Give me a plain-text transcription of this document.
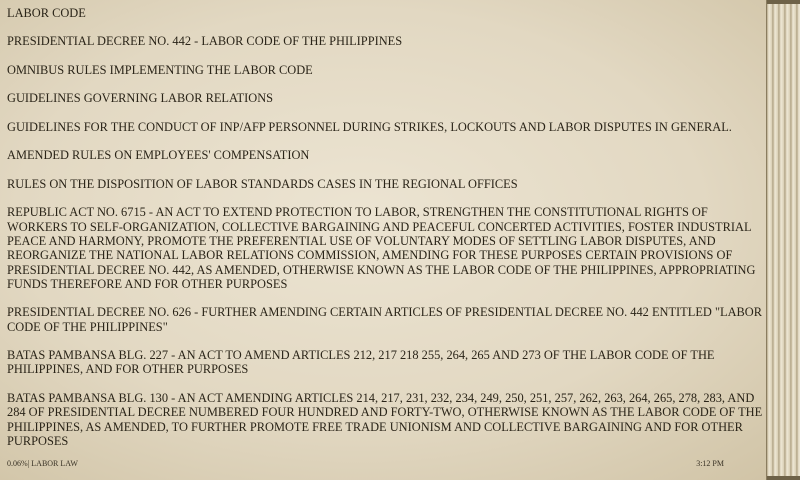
LABOR CODE
PRESIDENTIAL DECREE NO. 442 - LABOR CODE OF THE PHILIPPINES
OMNIBUS RULES IMPLEMENTING THE LABOR CODE
GUIDELINES GOVERNING LABOR RELATIONS
GUIDELINES FOR THE CONDUCT OF INP/AFP PERSONNEL DURING STRIKES, LOCKOUTS AND LABOR DISPUTES IN GENERAL.
AMENDED RULES ON EMPLOYEES' COMPENSATION
RULES ON THE DISPOSITION OF LABOR STANDARDS CASES IN THE REGIONAL OFFICES
REPUBLIC ACT NO. 6715 - AN ACT TO EXTEND PROTECTION TO LABOR, STRENGTHEN THE CONSTITUTIONAL RIGHTS OF WORKERS TO SELF-ORGANIZATION, COLLECTIVE BARGAINING AND PEACEFUL CONCERTED ACTIVITIES, FOSTER INDUSTRIAL PEACE AND HARMONY, PROMOTE THE PREFERENTIAL USE OF VOLUNTARY MODES OF SETTLING LABOR DISPUTES, AND REORGANIZE THE NATIONAL LABOR RELATIONS COMMISSION, AMENDING FOR THESE PURPOSES CERTAIN PROVISIONS OF PRESIDENTIAL DECREE NO. 442, AS AMENDED, OTHERWISE KNOWN AS THE LABOR CODE OF THE PHILIPPINES, APPROPRIATING FUNDS THEREFORE AND FOR OTHER PURPOSES
PRESIDENTIAL DECREE NO. 626 - FURTHER AMENDING CERTAIN ARTICLES OF PRESIDENTIAL DECREE NO. 442 ENTITLED "LABOR CODE OF THE PHILIPPINES"
BATAS PAMBANSA BLG. 227 - AN ACT TO AMEND ARTICLES 212, 217 218 255, 264, 265 AND 273 OF THE LABOR CODE OF THE PHILIPPINES, AND FOR OTHER PURPOSES
BATAS PAMBANSA BLG. 130 - AN ACT AMENDING ARTICLES 214, 217, 231, 232, 234, 249, 250, 251, 257, 262, 263, 264, 265, 278, 283, AND 284 OF PRESIDENTIAL DECREE NUMBERED FOUR HUNDRED AND FORTY-TWO, OTHERWISE KNOWN AS THE LABOR CODE OF THE PHILIPPINES, AS AMENDED, TO FURTHER PROMOTE FREE TRADE UNIONISM AND COLLECTIVE BARGAINING AND FOR OTHER PURPOSES
0.06%| LABOR LAW	3:12 PM
